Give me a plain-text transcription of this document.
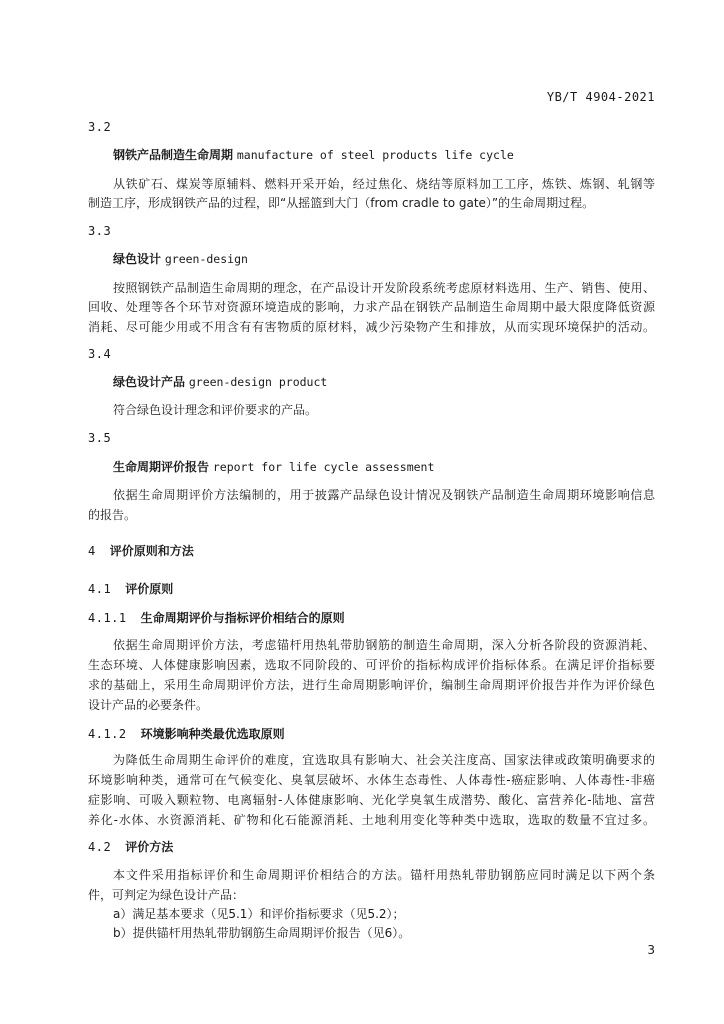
YB/T 4904-2021
3.2
钢铁产品制造生命周期 manufacture of steel products life cycle
从铁矿石、煤炭等原辅料、燃料开采开始，经过焦化、烧结等原料加工工序，炼铁、炼钢、轧钢等
制造工序，形成钢铁产品的过程，即“从摇篮到大门（from cradle to gate）”的生命周期过程。
3.3
绿色设计 green-design
按照钢铁产品制造生命周期的理念，在产品设计开发阶段系统考虑原材料选用、生产、销售、使用、
回收、处理等各个环节对资源环境造成的影响，力求产品在钢铁产品制造生命周期中最大限度降低资源
消耗、尽可能少用或不用含有有害物质的原材料，减少污染物产生和排放，从而实现环境保护的活动。
3.4
绿色设计产品 green-design product
符合绿色设计理念和评价要求的产品。
3.5
生命周期评价报告 report for life cycle assessment
依据生命周期评价方法编制的，用于披露产品绿色设计情况及钢铁产品制造生命周期环境影响信息
的报告。
4 评价原则和方法
4.1 评价原则
4.1.1 生命周期评价与指标评价相结合的原则
依据生命周期评价方法，考虑锚杆用热轧带肋钢筋的制造生命周期，深入分析各阶段的资源消耗、
生态环境、人体健康影响因素，选取不同阶段的、可评价的指标构成评价指标体系。在满足评价指标要
求的基础上，采用生命周期评价方法，进行生命周期影响评价，编制生命周期评价报告并作为评价绿色
设计产品的必要条件。
4.1.2 环境影响种类最优选取原则
为降低生命周期生命评价的难度，宜选取具有影响大、社会关注度高、国家法律或政策明确要求的
环境影响种类，通常可在气候变化、臭氧层破坏、水体生态毒性、人体毒性-癌症影响、人体毒性-非癌
症影响、可吸入颗粒物、电离辐射-人体健康影响、光化学臭氧生成潜势、酸化、富营养化-陆地、富营
养化-水体、水资源消耗、矿物和化石能源消耗、土地利用变化等种类中选取，选取的数量不宜过多。
4.2 评价方法
本文件采用指标评价和生命周期评价相结合的方法。锚杆用热轧带肋钢筋应同时满足以下两个条
件，可判定为绿色设计产品：
a）满足基本要求（见5.1）和评价指标要求（见5.2）；
b）提供锚杆用热轧带肋钢筋生命周期评价报告（见6）。
3
